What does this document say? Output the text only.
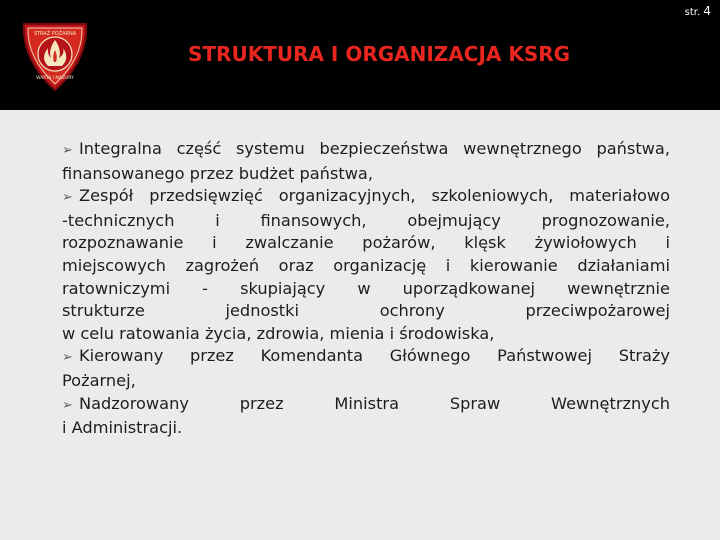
STRAŻ POŻARNA
WARTA I MAZURY
STRUKTURA I ORGANIZACJA KSRG
str. 4
➢ Integralna część systemu bezpieczeństwa wewnętrznego państwa,
finansowanego przez budżet państwa,
➢ Zespół przedsięwzięć organizacyjnych, szkoleniowych, materiałowo
-technicznych i finansowych, obejmujący prognozowanie,
rozpoznawanie i zwalczanie pożarów, klęsk żywiołowych i
miejscowych zagrożeń oraz organizację i kierowanie działaniami
ratowniczymi - skupiający w uporządkowanej wewnętrznie
strukturze jednostki ochrony przeciwpożarowej
w celu ratowania życia, zdrowia, mienia i środowiska,
➢ Kierowany przez Komendanta Głównego Państwowej Straży
Pożarnej,
➢ Nadzorowany przez Ministra Spraw Wewnętrznych
i Administracji.
